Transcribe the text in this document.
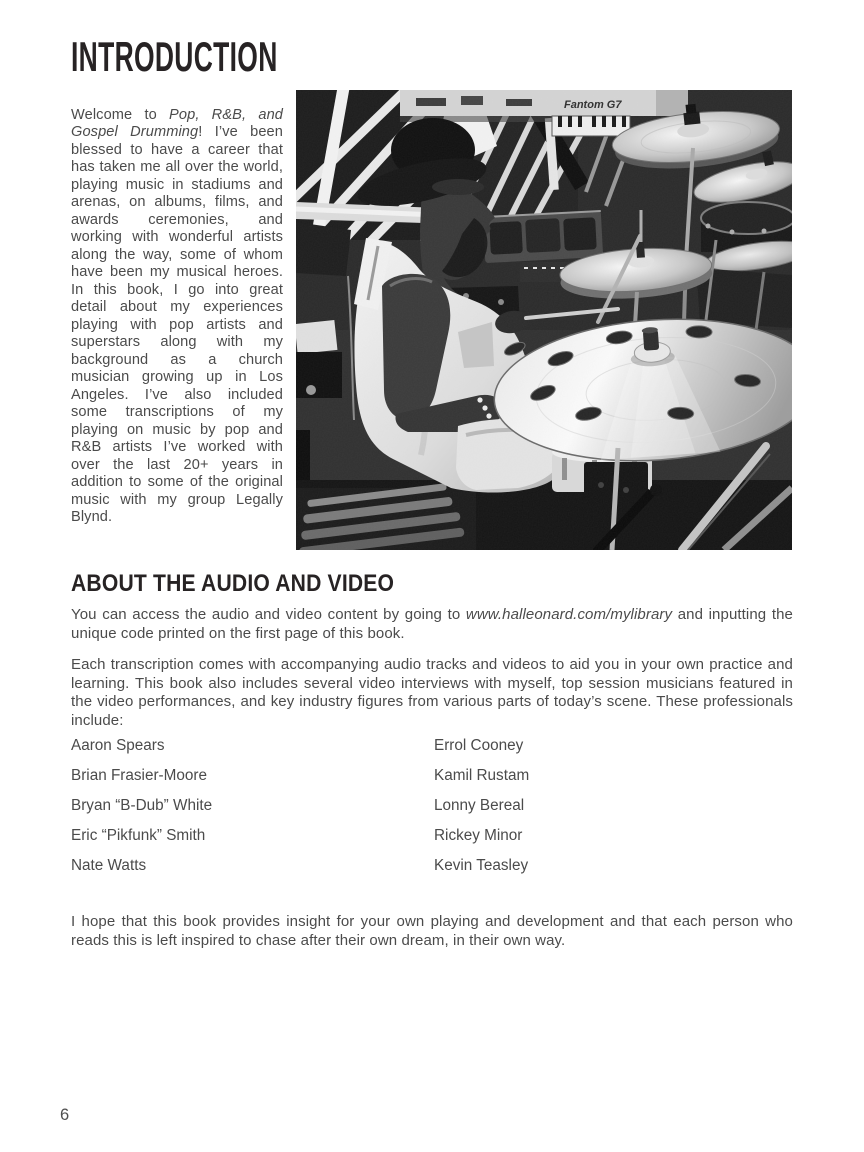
INTRODUCTION

Welcome to Pop, R&B, and Gospel Drumming! I’ve been blessed to have a career that has taken me all over the world, playing music in stadiums and arenas, on albums, films, and awards ceremonies, and working with wonderful artists along the way, some of whom have been my musical heroes. In this book, I go into great detail about my experiences playing with pop artists and superstars along with my background as a church musician growing up in Los Angeles. I’ve also included some transcriptions of my playing on music by pop and R&B artists I’ve worked with over the last 20+ years in addition to some of the original music with my group Legally Blynd.

ABOUT THE AUDIO AND VIDEO

You can access the audio and video content by going to www.halleonard.com/mylibrary and inputting the unique code printed on the first page of this book.

Each transcription comes with accompanying audio tracks and videos to aid you in your own practice and learning. This book also includes several video interviews with myself, top session musicians featured in the video performances, and key industry figures from various parts of today’s scene. These professionals include:

Aaron Spears
Brian Frasier-Moore
Bryan “B-Dub” White
Eric “Pikfunk” Smith
Nate Watts
Errol Cooney
Kamil Rustam
Lonny Bereal
Rickey Minor
Kevin Teasley

I hope that this book provides insight for your own playing and development and that each person who reads this is left inspired to chase after their own dream, in their own way.

6
